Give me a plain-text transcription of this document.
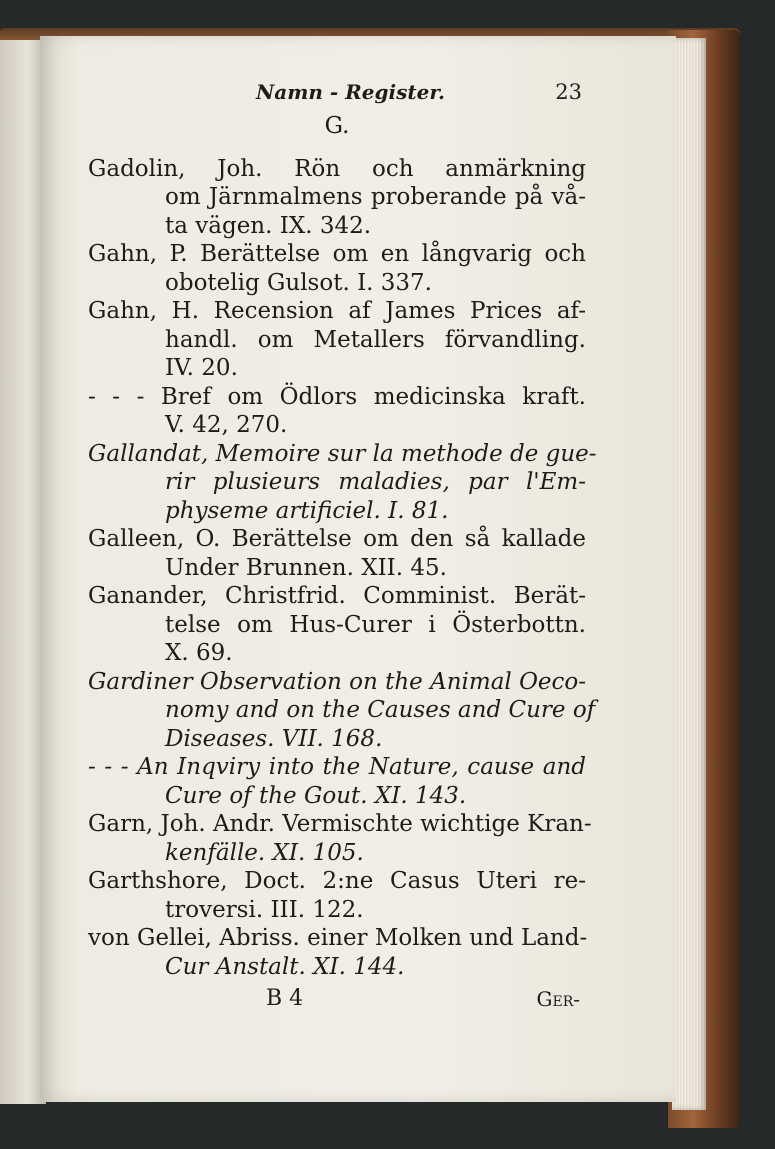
Namn - Register.	23
G.
Gadolin, Joh. Rön och anmärkning
om Järnmalmens proberande på vå-
ta vägen. IX. 342.
Gahn, P. Berättelse om en långvarig och
obotelig Gulsot. I. 337.
Gahn, H. Recension af James Prices af-
handl. om Metallers förvandling.
IV. 20.
- - - Bref om Ödlors medicinska kraft.
V. 42, 270.
Gallandat, Memoire sur la methode de gue-
rir plusieurs maladies, par l'Em-
physeme artificiel. I. 81.
Galleen, O. Berättelse om den så kallade
Under Brunnen. XII. 45.
Ganander, Christfrid. Comminist. Berät-
telse om Hus-Curer i Österbottn.
X. 69.
Gardiner Observation on the Animal Oeco-
nomy and on the Causes and Cure of
Diseases. VII. 168.
- - - An Inqviry into the Nature, cause and
Cure of the Gout. XI. 143.
Garn, Joh. Andr. Vermischte wichtige Kran-
kenfälle. XI. 105.
Garthshore, Doct. 2:ne Casus Uteri re-
troversi. III. 122.
von Gellei, Abriss. einer Molken und Land-
Cur Anstalt. XI. 144.
B 4	Ger-
